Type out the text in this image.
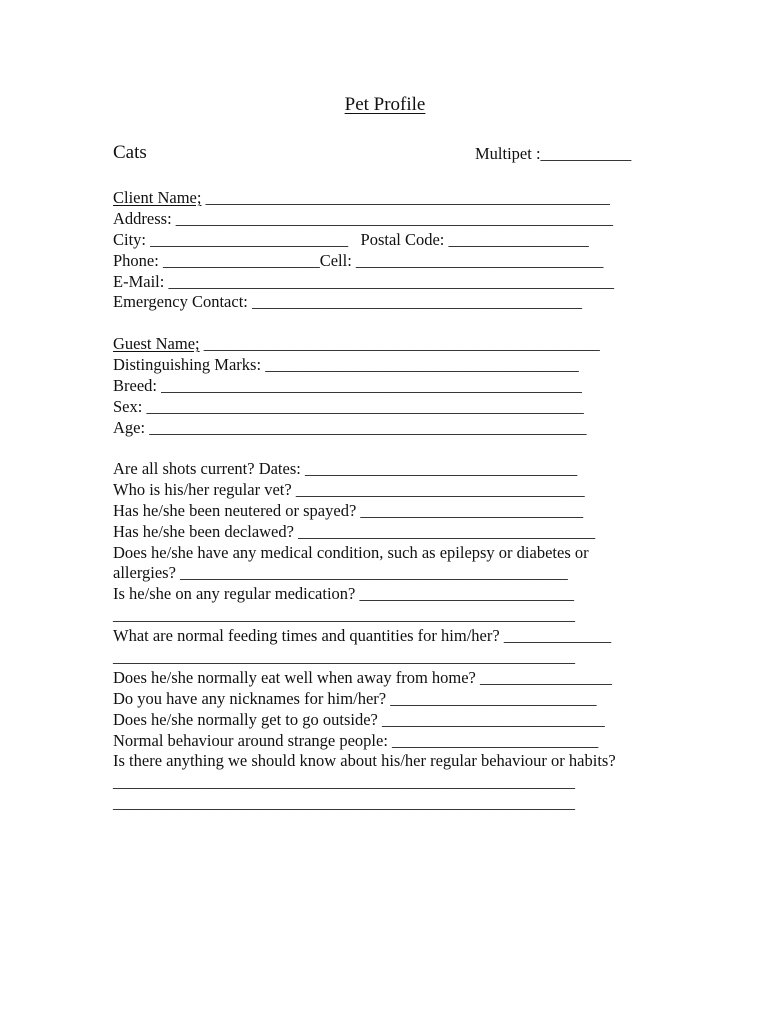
Pet Profile
Cats	Multipet :___________
Client Name; _________________________________________________
Address: _____________________________________________________
City: ________________________   Postal Code: _________________
Phone: ___________________Cell: ______________________________
E-Mail: ______________________________________________________
Emergency Contact: ________________________________________
Guest Name; ________________________________________________
Distinguishing Marks: ______________________________________
Breed: ___________________________________________________
Sex: _____________________________________________________
Age: _____________________________________________________
Are all shots current? Dates: _________________________________
Who is his/her regular vet? ___________________________________
Has he/she been neutered or spayed? ___________________________
Has he/she been declawed? ____________________________________
Does he/she have any medical condition, such as epilepsy or diabetes or
allergies? _______________________________________________
Is he/she on any regular medication? __________________________
________________________________________________________
What are normal feeding times and quantities for him/her? _____________
________________________________________________________
Does he/she normally eat well when away from home? ________________
Do you have any nicknames for him/her? _________________________
Does he/she normally get to go outside? ___________________________
Normal behaviour around strange people: _________________________
Is there anything we should know about his/her regular behaviour or habits?
________________________________________________________
________________________________________________________
